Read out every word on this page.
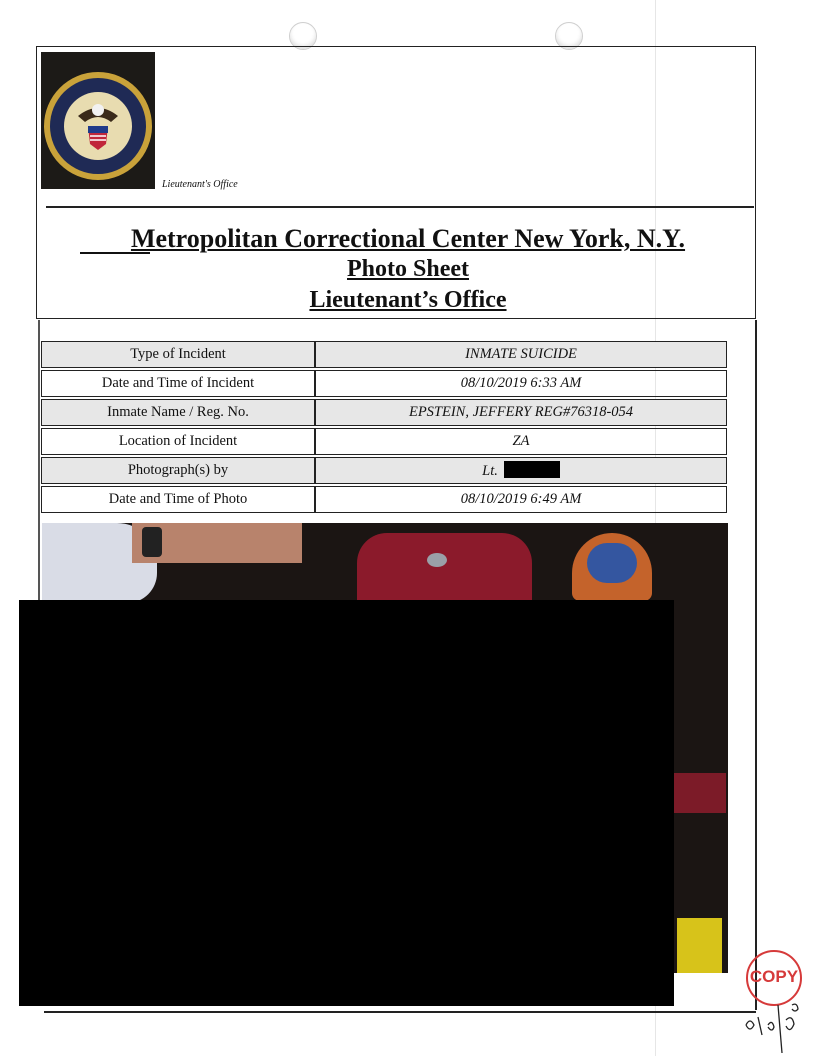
Lieutenant's Office
Metropolitan Correctional Center New York, N.Y.
Photo Sheet
Lieutenant’s Office
Type of Incident	INMATE SUICIDE
Date and Time of Incident	08/10/2019 6:33 AM
Inmate Name / Reg. No.	EPSTEIN, JEFFERY REG#76318-054
Location of Incident	ZA
Photograph(s) by	Lt.
Date and Time of Photo	08/10/2019 6:49 AM
COPY
